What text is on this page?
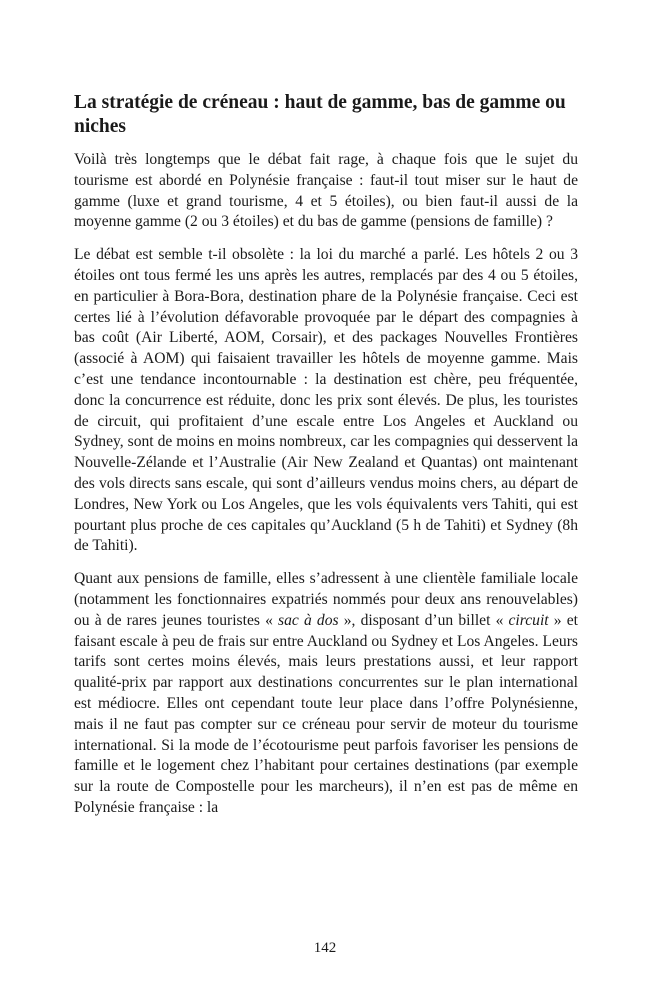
La stratégie de créneau : haut de gamme, bas de gamme ou niches

Voilà très longtemps que le débat fait rage, à chaque fois que le sujet du tourisme est abordé en Polynésie française : faut-il tout miser sur le haut de gamme (luxe et grand tourisme, 4 et 5 étoiles), ou bien faut-il aussi de la moyenne gamme (2 ou 3 étoiles) et du bas de gamme (pensions de famille) ?

Le débat est semble t-il obsolète : la loi du marché a parlé. Les hôtels 2 ou 3 étoiles ont tous fermé les uns après les autres, remplacés par des 4 ou 5 étoiles, en particulier à Bora-Bora, destination phare de la Polynésie française. Ceci est certes lié à l’évolution défavorable provoquée par le départ des compagnies à bas coût (Air Liberté, AOM, Corsair), et des packages Nouvelles Frontières (associé à AOM) qui faisaient travailler les hôtels de moyenne gamme. Mais c’est une tendance incontournable : la destination est chère, peu fréquentée, donc la concurrence est réduite, donc les prix sont élevés. De plus, les touristes de circuit, qui profitaient d’une escale entre Los Angeles et Auckland ou Sydney, sont de moins en moins nombreux, car les compagnies qui desservent la Nouvelle-Zélande et l’Australie (Air New Zealand et Quantas) ont maintenant des vols directs sans escale, qui sont d’ailleurs vendus moins chers, au départ de Londres, New York ou Los Angeles, que les vols équivalents vers Tahiti, qui est pourtant plus proche de ces capitales qu’Auckland (5 h de Tahiti) et Sydney (8h de Tahiti).

Quant aux pensions de famille, elles s’adressent à une clientèle familiale locale (notamment les fonctionnaires expatriés nommés pour deux ans renouvelables) ou à de rares jeunes touristes « sac à dos », disposant d’un billet « circuit » et faisant escale à peu de frais sur entre Auckland ou Sydney et Los Angeles. Leurs tarifs sont certes moins élevés, mais leurs prestations aussi, et leur rapport qualité-prix par rapport aux destinations concurrentes sur le plan international est médiocre. Elles ont cependant toute leur place dans l’offre Polynésienne, mais il ne faut pas compter sur ce créneau pour servir de moteur du tourisme international. Si la mode de l’écotourisme peut parfois favoriser les pensions de famille et le logement chez l’habitant pour certaines destinations (par exemple sur la route de Compostelle pour les marcheurs), il n’en est pas de même en Polynésie française : la

142
